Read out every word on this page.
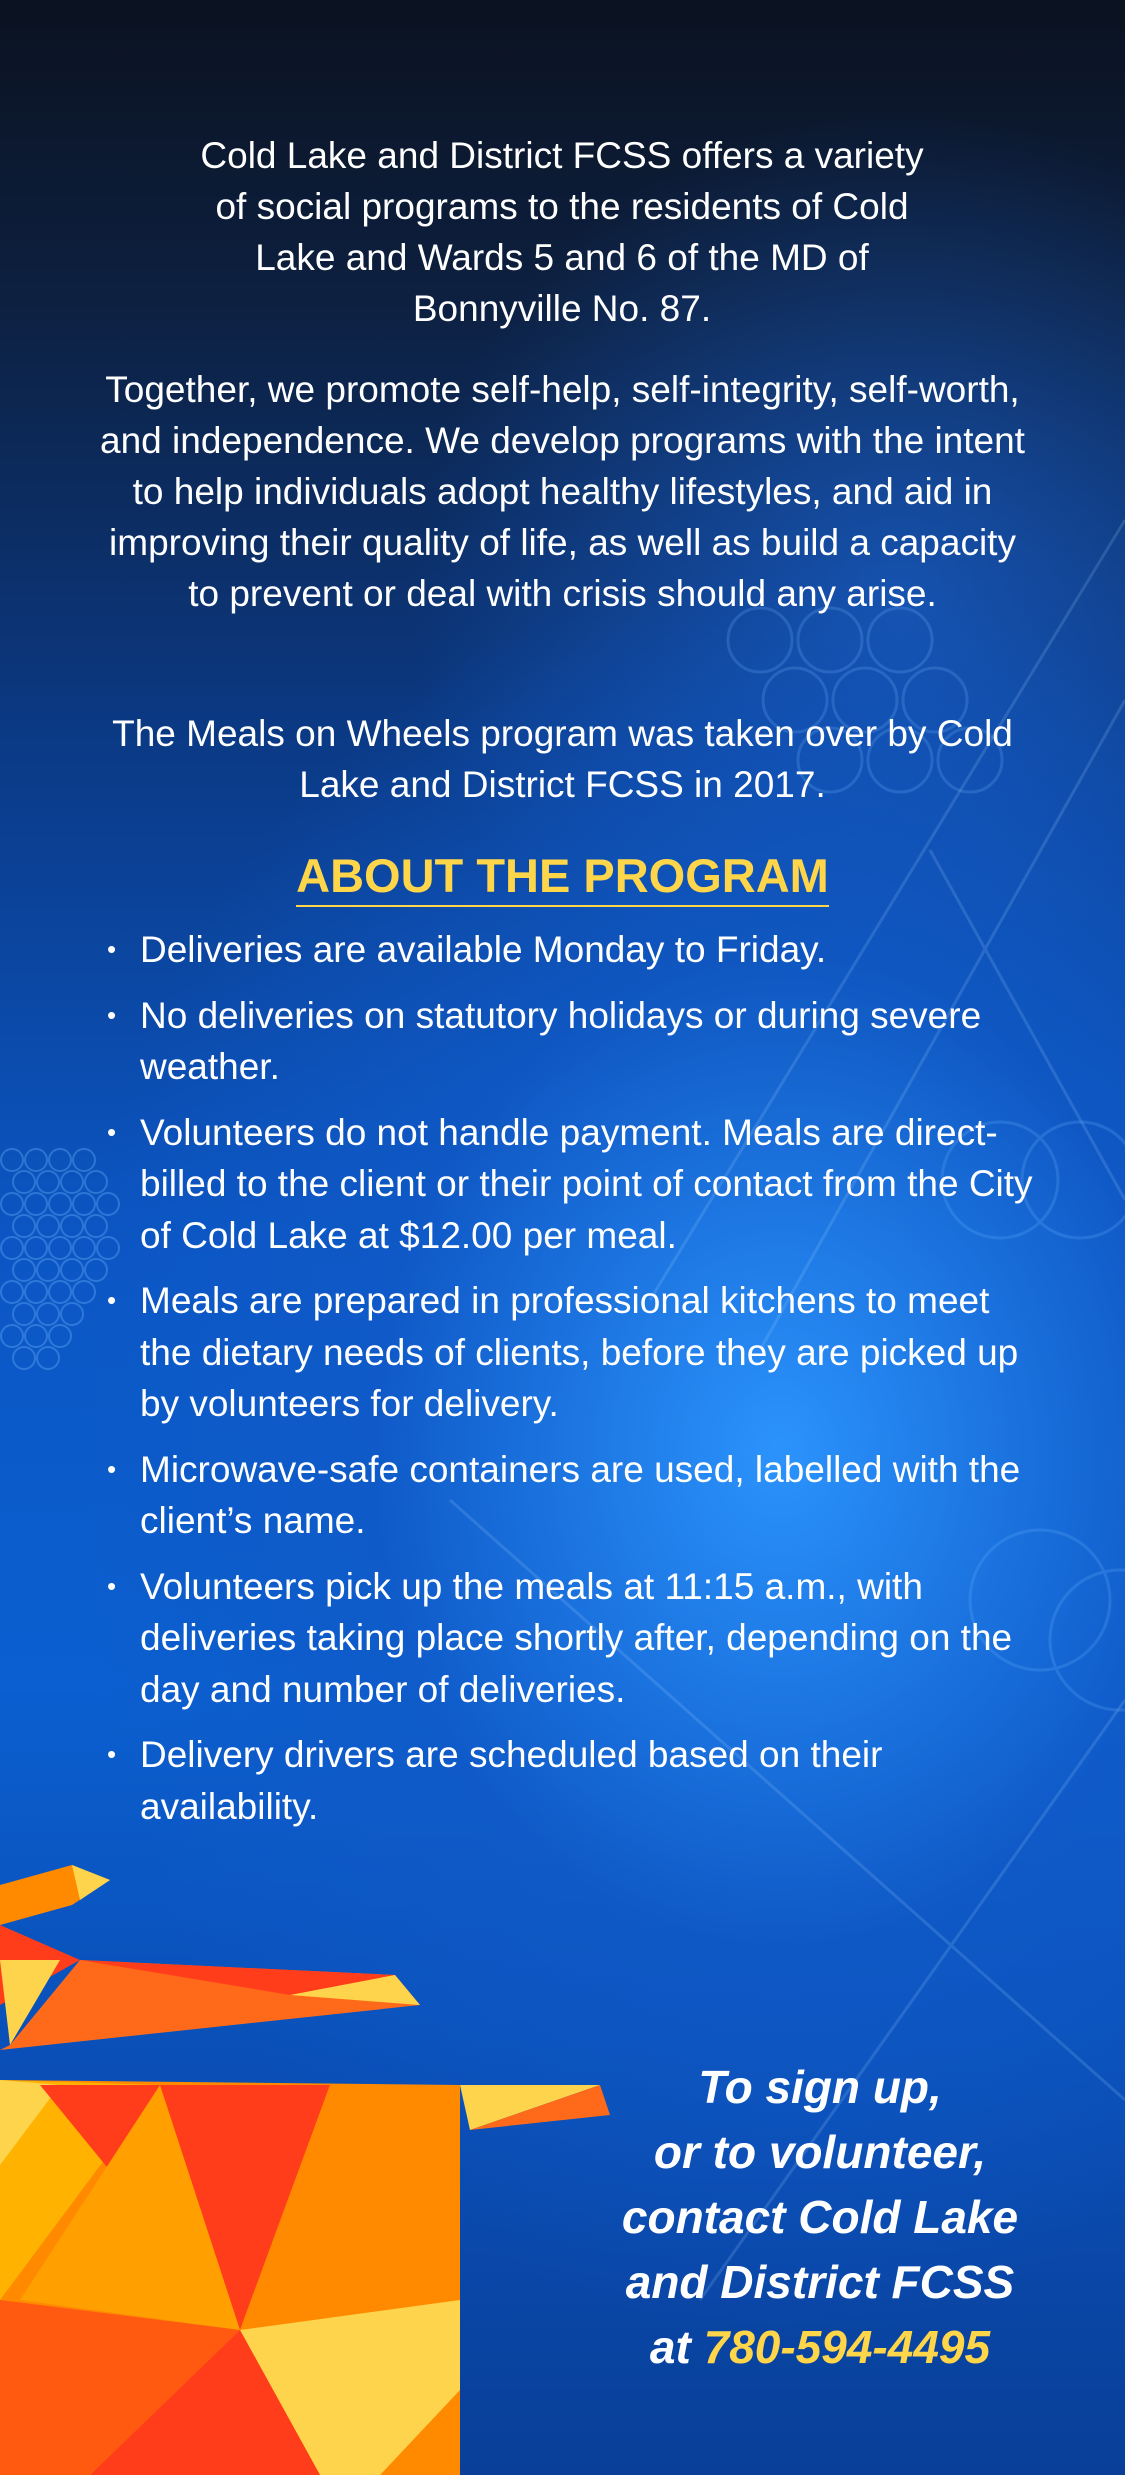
Cold Lake and District FCSS offers a variety of social programs to the residents of Cold Lake and Wards 5 and 6 of the MD of Bonnyville No. 87.

Together, we promote self-help, self-integrity, self-worth, and independence. We develop programs with the intent to help individuals adopt healthy lifestyles, and aid in improving their quality of life, as well as build a capacity to prevent or deal with crisis should any arise.

The Meals on Wheels program was taken over by Cold Lake and District FCSS in 2017.

ABOUT THE PROGRAM
• Deliveries are available Monday to Friday.
• No deliveries on statutory holidays or during severe weather.
• Volunteers do not handle payment. Meals are direct-billed to the client or their point of contact from the City of Cold Lake at $12.00 per meal.
• Meals are prepared in professional kitchens to meet the dietary needs of clients, before they are picked up by volunteers for delivery.
• Microwave-safe containers are used, labelled with the client’s name.
• Volunteers pick up the meals at 11:15 a.m., with deliveries taking place shortly after, depending on the day and number of deliveries.
• Delivery drivers are scheduled based on their availability.

To sign up,
or to volunteer,
contact Cold Lake
and District FCSS
at 780-594-4495
